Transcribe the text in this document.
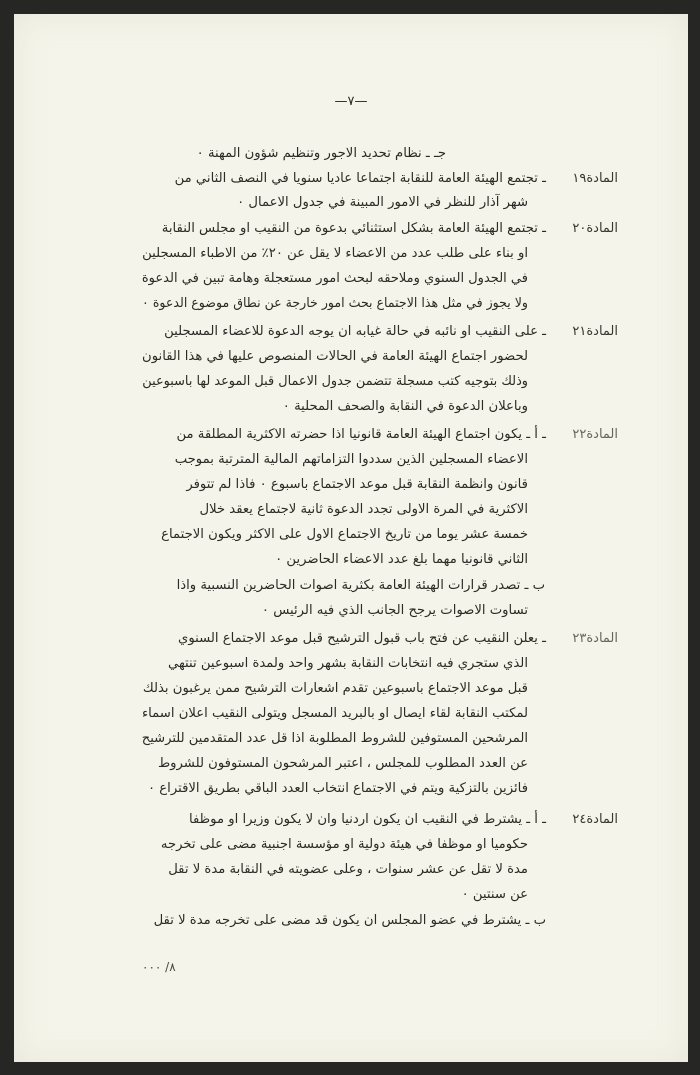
—٧—
جـ ـ نظام تحديد الاجور وتنظيم شؤون المهنة ٠
المادة١٩
ـ تجتمع الهيئة العامة للنقابة اجتماعا عاديا سنويا في النصف الثاني من
شهر آذار للنظر في الامور المبينة في جدول الاعمال ٠
المادة٢٠
ـ تجتمع الهيئة العامة بشكل استثنائي بدعوة من النقيب او مجلس النقابة
او بناء على طلب عدد من الاعضاء لا يقل عن ٢٠٪ من الاطباء المسجلين
في الجدول السنوي وملاحقه لبحث امور مستعجلة وهامة تبين في الدعوة
ولا يجوز في مثل هذا الاجتماع بحث امور خارجة عن نطاق موضوع الدعوة ٠
المادة٢١
ـ على النقيب او نائبه في حالة غيابه ان يوجه الدعوة للاعضاء المسجلين
لحضور اجتماع الهيئة العامة في الحالات المنصوص عليها في هذا القانون
وذلك بتوجيه كتب مسجلة تتضمن جدول الاعمال قبل الموعد لها باسبوعين
وباعلان الدعوة في النقابة والصحف المحلية ٠
المادة٢٢
ـ أ ـ يكون اجتماع الهيئة العامة قانونيا اذا حضرته الاكثرية المطلقة من
الاعضاء المسجلين الذين سددوا التزاماتهم المالية المترتبة بموجب
قانون وانظمة النقابة قبل موعد الاجتماع باسبوع ٠ فاذا لم تتوفر
الاكثرية في المرة الاولى تجدد الدعوة ثانية لاجتماع يعقد خلال
خمسة عشر يوما من تاريخ الاجتماع الاول على الاكثر ويكون الاجتماع
الثاني قانونيا مهما بلغ عدد الاعضاء الحاضرين ٠
ب ـ تصدر قرارات الهيئة العامة بكثرية اصوات الحاضرين النسبية واذا
تساوت الاصوات يرجح الجانب الذي فيه الرئيس ٠
المادة٢٣
ـ يعلن النقيب عن فتح باب قبول الترشيح قبل موعد الاجتماع السنوي
الذي ستجري فيه انتخابات النقابة بشهر واحد ولمدة اسبوعين تنتهي
قبل موعد الاجتماع باسبوعين تقدم اشعارات الترشيح ممن يرغبون بذلك
لمكتب النقابة لقاء ايصال او بالبريد المسجل ويتولى النقيب اعلان اسماء
المرشحين المستوفين للشروط المطلوبة اذا قل عدد المتقدمين للترشيح
عن العدد المطلوب للمجلس ، اعتبر المرشحون المستوفون للشروط
فائزين بالتزكية ويتم في الاجتماع انتخاب العدد الباقي بطريق الاقتراع ٠
المادة٢٤
ـ أ ـ يشترط في النقيب ان يكون اردنيا وان لا يكون وزيرا او موظفا
حكوميا او موظفا في هيئة دولية او مؤسسة اجنبية مضى على تخرجه
مدة لا تقل عن عشر سنوات ، وعلى عضويته في النقابة مدة لا تقل
عن سنتين ٠
ب ـ يشترط في عضو المجلس ان يكون قد مضى على تخرجه مدة لا تقل
٨/ ٠٠٠
